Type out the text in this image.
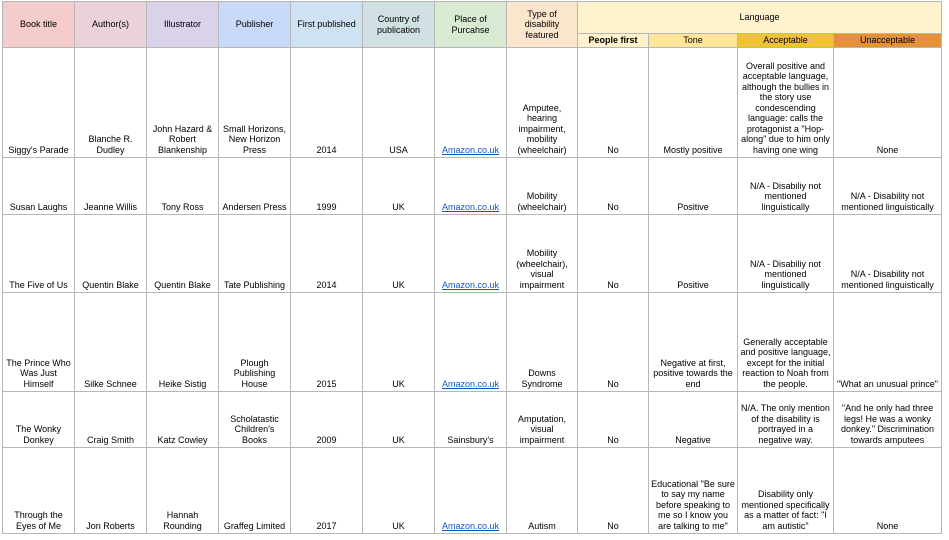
Book title	Author(s)	Illustrator	Publisher	First published	Country of publication	Place of Purcahse	Type of disability featured	Language			
								People first	Tone	Acceptable	Unacceptable
Siggy's Parade	Blanche R. Dudley	John Hazard & Robert Blankenship	Small Horizons, New Horizon Press	2014	USA	Amazon.co.uk	Amputee, hearing impairment, mobility (wheelchair)	No	Mostly positive	Overall positive and acceptable language, although the bullies in the story use condescending language: calls the protagonist a "Hop-along" due to him only having one wing	None
Susan Laughs	Jeanne Willis	Tony Ross	Andersen Press	1999	UK	Amazon.co.uk	Mobility (wheelchair)	No	Positive	N/A - Disabiliy not mentioned linguistically	N/A - Disability not mentioned linguistically
The Five of Us	Quentin Blake	Quentin Blake	Tate Publishing	2014	UK	Amazon.co.uk	Mobility (wheelchair), visual impairment	No	Positive	N/A - Disabiliy not mentioned linguistically	N/A - Disability not mentioned linguistically
The Prince Who Was Just Himself	Silke Schnee	Heike Sistig	Plough Publishing House	2015	UK	Amazon.co.uk	Downs Syndrome	No	Negative at first, positive towards the end	Generally acceptable and positive language, except for the initial reaction to Noah from the people.	"What an unusual prince"
The Wonky Donkey	Craig Smith	Katz Cowley	Scholatastic Children's Books	2009	UK	Sainsbury's	Amputation, visual impairment	No	Negative	N/A. The only mention of the disability is portrayed in a negative way.	"And he only had three legs! He was a wonky donkey." Discrimination towards amputees
Through the Eyes of Me	Jon Roberts	Hannah Rounding	Graffeg Limited	2017	UK	Amazon.co.uk	Autism	No	Educational "Be sure to say my name before speaking to me so I know you are talking to me"	Disability only mentioned specifically as a matter of fact: "I am autistic"	None
